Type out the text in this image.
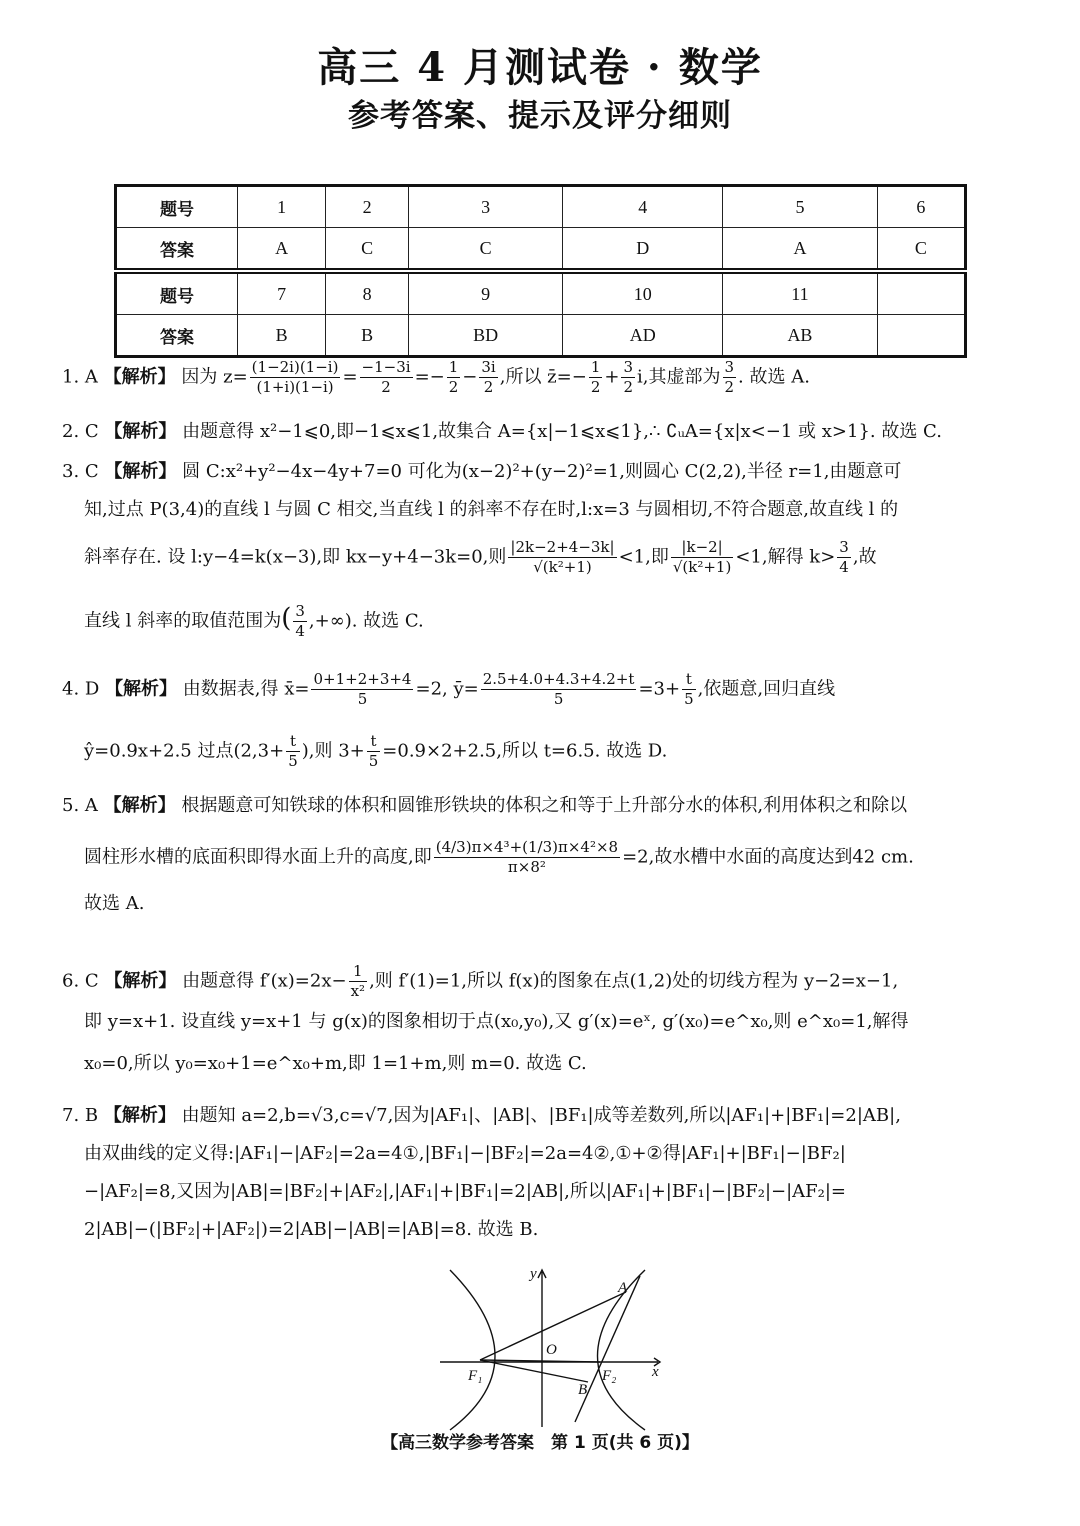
高三 4 月测试卷 · 数学
参考答案、提示及评分细则
题号	1	2	3	4	5	6
答案	A	C	C	D	A	C
题号	7	8	9	10	11	
答案	B	B	BD	AD	AB	
1. A 【解析】 因为 $z= \frac{(1-2i)(1-i)}{(1+i)(1-i)} = \frac{-1-3i}{2} =- \frac{1}{2} - \frac{3i}{2}$ ,所以 z̄=− $\frac{1}{2} + \frac{3}{2} i$,其虚部为 $\frac{3}{2}$ . 故选 A.
2. C 【解析】 由题意得 x²−1⩽0,即−1⩽x⩽1,故集合 A={x|−1⩽x⩽1},∴ ∁ᵤA={x|x<−1 或 x>1}. 故选 C.
3. C 【解析】 圆 C:x²+y²−4x−4y+7=0 可化为(x−2)²+(y−2)²=1,则圆心 C(2,2),半径 r=1,由题意可
知,过点 P(3,4)的直线 l 与圆 C 相交,当直线 l 的斜率不存在时,l:x=3 与圆相切,不符合题意,故直线 l 的
斜率存在. 设 l:y−4=k(x−3),即 kx−y+4−3k=0,则 $\frac{|2k-2+4-3k|}{\text{√(k²+1)}} <1$,即 $\frac{|k-2|}{\text{√(k²+1)}} <1$,解得 $k> \frac{3}{4}$ ,故
直线 l 斜率的取值范围为( $\frac{3}{4}$ ,+∞). 故选 C.
4. D 【解析】 由数据表,得 x̄= $\frac{0+1+2+3+4}{5} =2$, ȳ= $\frac{2.5+4.0+4.3+4.2+t}{5} =3+ \frac{t}{5}$ ,依题意,回归直线
ŷ=0.9x+2.5 过点($2,3+ \frac{t}{5}$ ),则 $3+ \frac{t}{5} =0.9\times 2+2.5$,所以 t=6.5. 故选 D.
5. A 【解析】 根据题意可知铁球的体积和圆锥形铁块的体积之和等于上升部分水的体积,利用体积之和除以
圆柱形水槽的底面积即得水面上升的高度,即 $\frac{\text{(4/3)π×4³+(1/3)π×4²×8}}{\text{π×8²}} =2$,故水槽中水面的高度达到42 cm.
故选 A.
6. C 【解析】 由题意得 $f'(x)=2x- \frac{1}{\text{x²}}$ ,则 f′(1)=1,所以 f(x)的图象在点(1,2)处的切线方程为 y−2=x−1,
即 y=x+1. 设直线 y=x+1 与 g(x)的图象相切于点(x₀,y₀),又 g′(x)=eˣ, g′(x₀)=e^x₀,则 e^x₀=1,解得
x₀=0,所以 y₀=x₀+1=e^x₀+m,即 1=1+m,则 m=0. 故选 C.
7. B 【解析】 由题知 a=2,b=√3,c=√7,因为|AF₁|、|AB|、|BF₁|成等差数列,所以|AF₁|+|BF₁|=2|AB|,
由双曲线的定义得:|AF₁|−|AF₂|=2a=4①,|BF₁|−|BF₂|=2a=4②,①+②得|AF₁|+|BF₁|−|BF₂|
−|AF₂|=8,又因为|AB|=|BF₂|+|AF₂|,|AF₁|+|BF₁|=2|AB|,所以|AF₁|+|BF₁|−|BF₂|−|AF₂|=
2|AB|−(|BF₂|+|AF₂|)=2|AB|−|AB|=|AB|=8. 故选 B.
y
x
O
A
B
F₁	F₂
【高三数学参考答案　第 1 页(共 6 页)】
